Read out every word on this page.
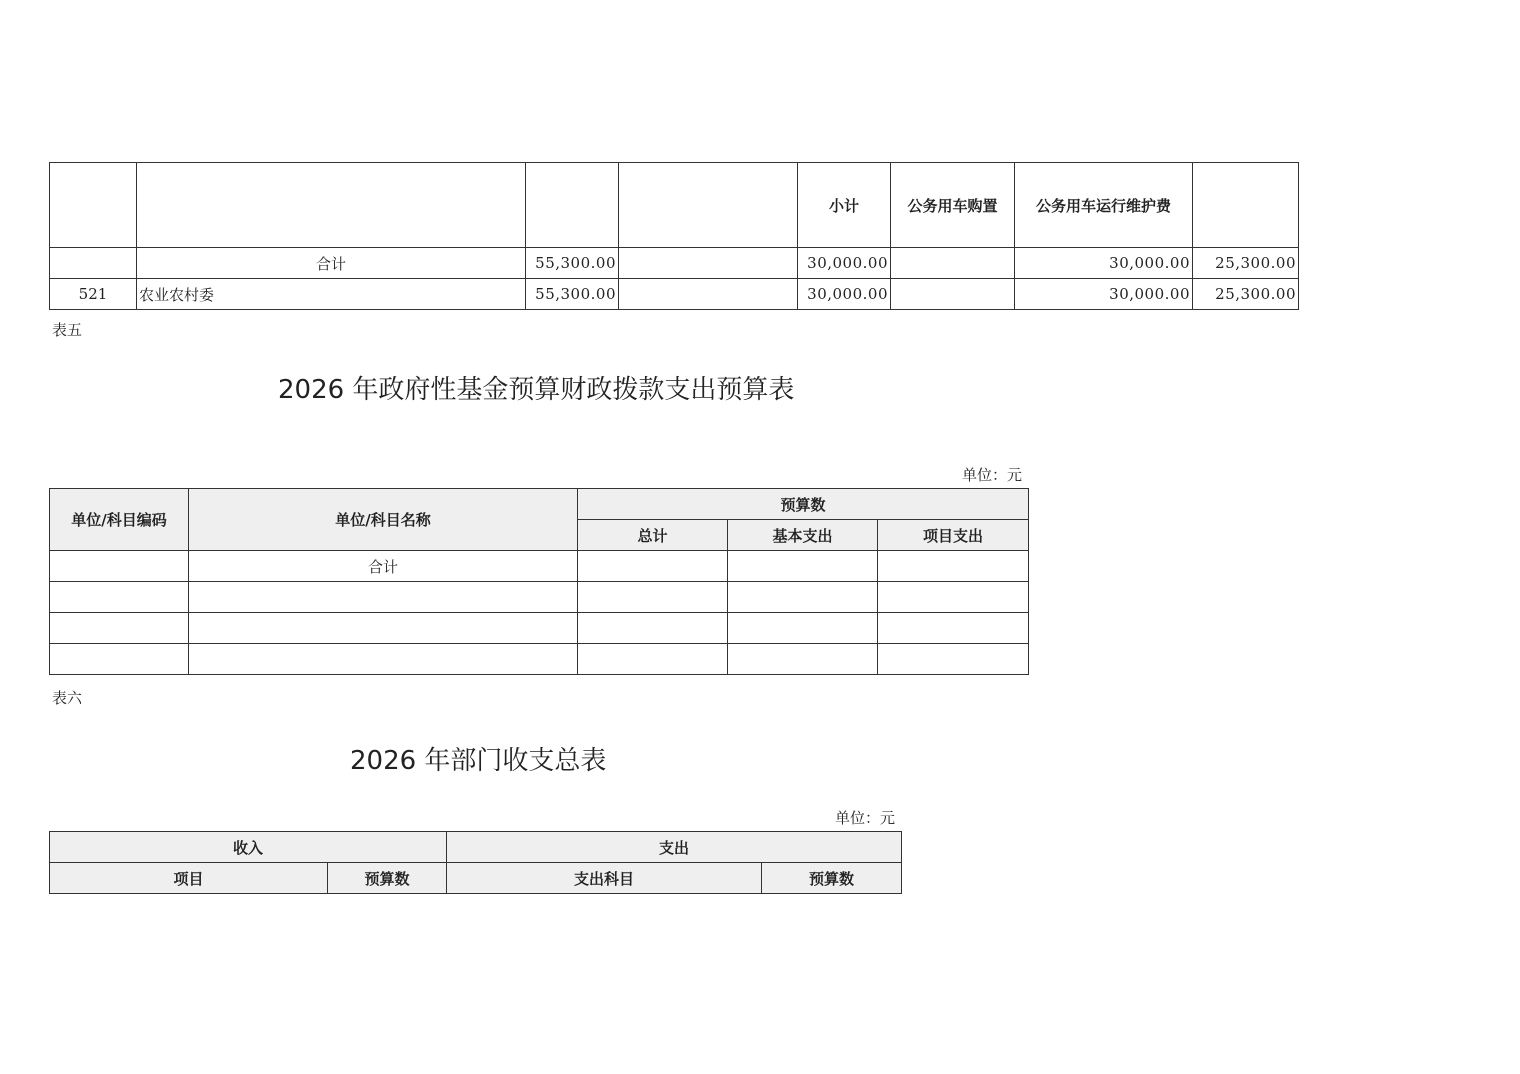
				小计	公务用车购置	公务用车运行维护费	
	合计	55,300.00		30,000.00		30,000.00	25,300.00
521	农业农村委	55,300.00		30,000.00		30,000.00	25,300.00
表五
2026 年政府性基金预算财政拨款支出预算表
单位：元
单位/科目编码	单位/科目名称	预算数		
		总计	基本支出	项目支出
	合计			

表六
2026 年部门收支总表
单位：元
收入		支出	
项目	预算数	支出科目	预算数
